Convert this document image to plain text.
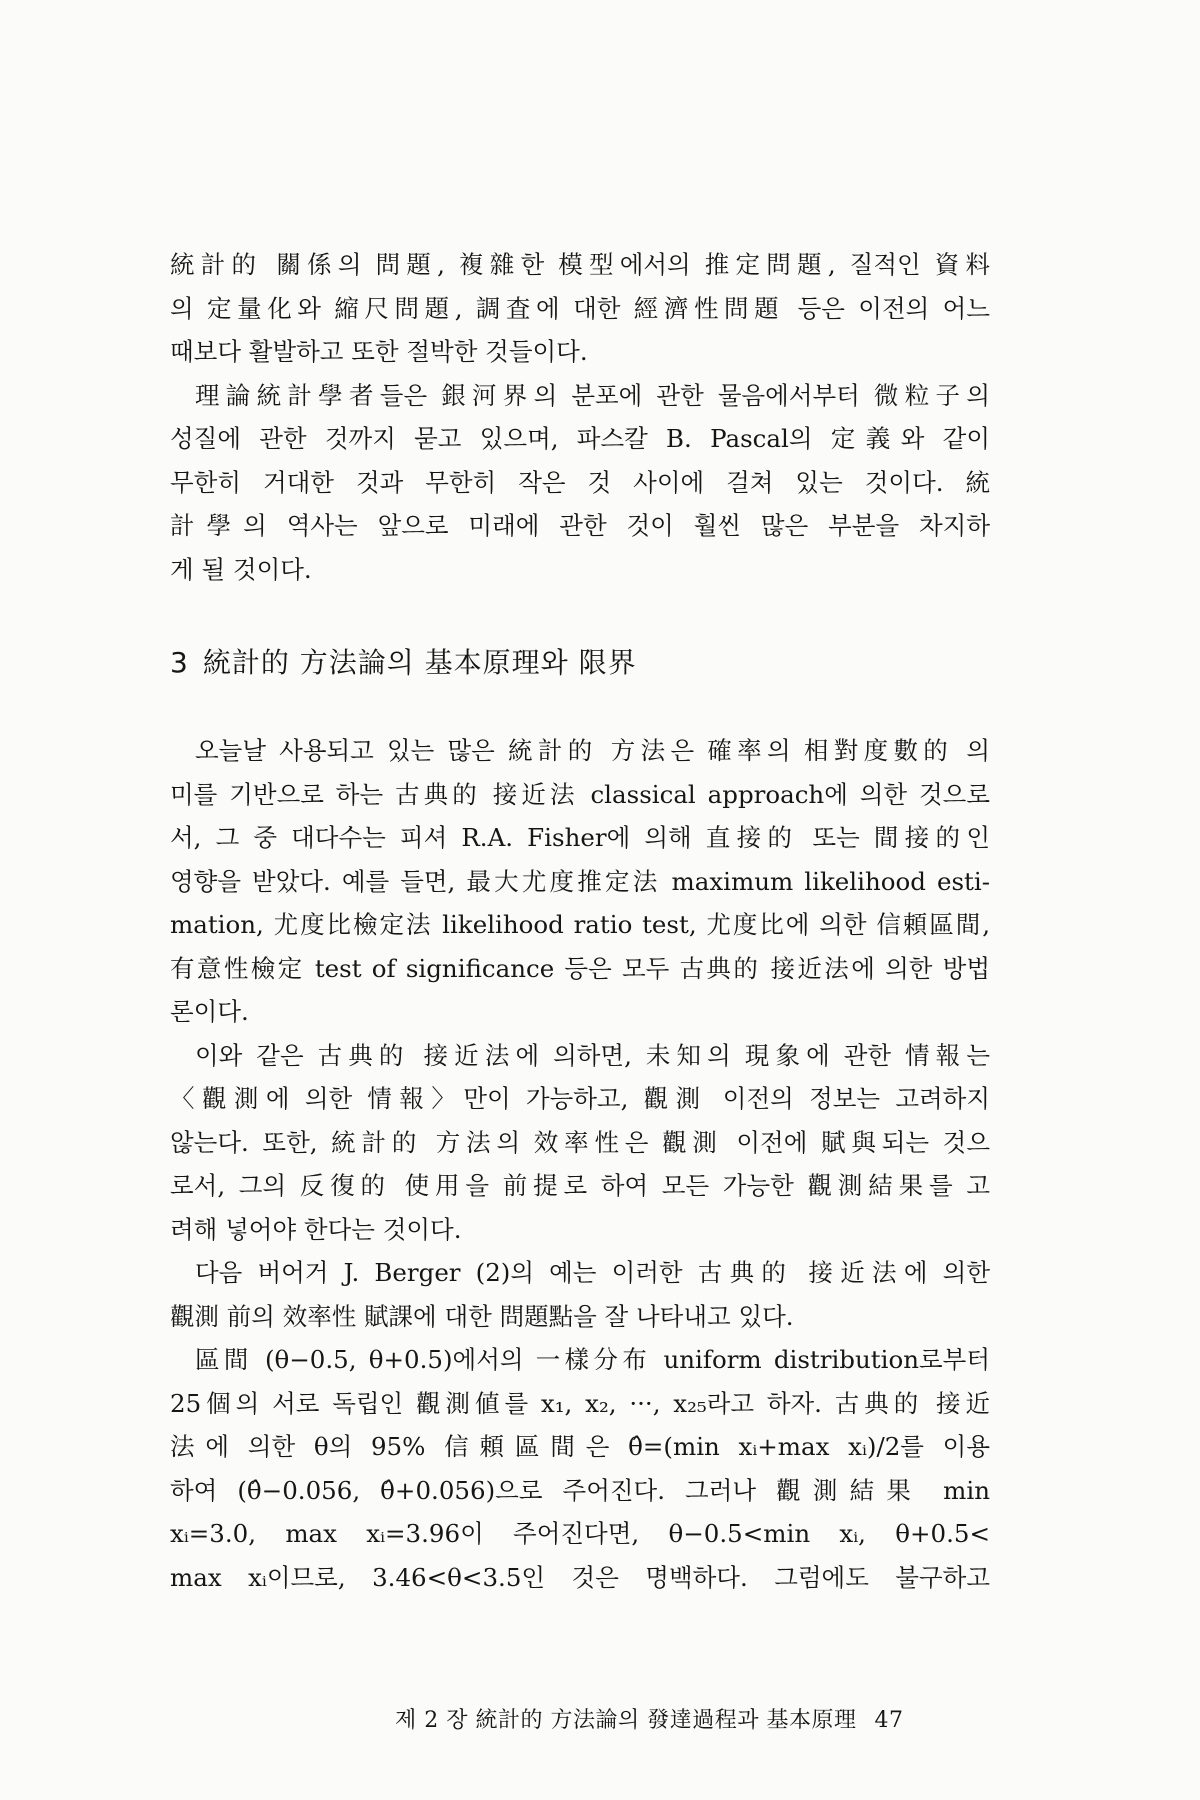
統計的 關係의 問題, 複雜한 模型에서의 推定問題, 질적인 資料
의 定量化와 縮尺問題, 調査에 대한 經濟性問題 등은 이전의 어느
때보다 활발하고 또한 절박한 것들이다.

理論統計學者들은 銀河界의 분포에 관한 물음에서부터 微粒子의
성질에 관한 것까지 묻고 있으며, 파스칼 B. Pascal의 定義와 같이
무한히 거대한 것과 무한히 작은 것 사이에 걸쳐 있는 것이다. 統
計學의 역사는 앞으로 미래에 관한 것이 훨씬 많은 부분을 차지하
게 될 것이다.

3 統計的 方法論의 基本原理와 限界

오늘날 사용되고 있는 많은 統計的 方法은 確率의 相對度數的 의
미를 기반으로 하는 古典的 接近法 classical approach에 의한 것으로
서, 그 중 대다수는 피셔 R.A. Fisher에 의해 直接的 또는 間接的인
영향을 받았다. 예를 들면, 最大尤度推定法 maximum likelihood esti-
mation, 尤度比檢定法 likelihood ratio test, 尤度比에 의한 信頼區間,
有意性檢定 test of significance 등은 모두 古典的 接近法에 의한 방법
론이다.

이와 같은 古典的 接近法에 의하면, 未知의 現象에 관한 情報는
〈觀測에 의한 情報〉만이 가능하고, 觀測 이전의 정보는 고려하지
않는다. 또한, 統計的 方法의 效率性은 觀測 이전에 賦與되는 것으
로서, 그의 反復的 使用을 前提로 하여 모든 가능한 觀測結果를 고
려해 넣어야 한다는 것이다.

다음 버어거 J. Berger (2)의 예는 이러한 古典的 接近法에 의한
觀測 前의 效率性 賦課에 대한 問題點을 잘 나타내고 있다.

區間 (θ−0.5, θ+0.5)에서의 一樣分布 uniform distribution로부터
25個의 서로 독립인 觀測値를 x₁, x₂, ···, x₂₅라고 하자. 古典的 接近
法에 의한 θ의 95% 信頼區間은 θ̂=(min xᵢ+max xᵢ)/2를 이용
하여 (θ̂−0.056, θ̂+0.056)으로 주어진다. 그러나 觀測結果 min
xᵢ=3.0, max xᵢ=3.96이 주어진다면, θ−0.5<min xᵢ, θ+0.5<
max xᵢ이므로, 3.46<θ<3.5인 것은 명백하다. 그럼에도 불구하고

제 2 장 統計的 方法論의 發達過程과 基本原理 47
